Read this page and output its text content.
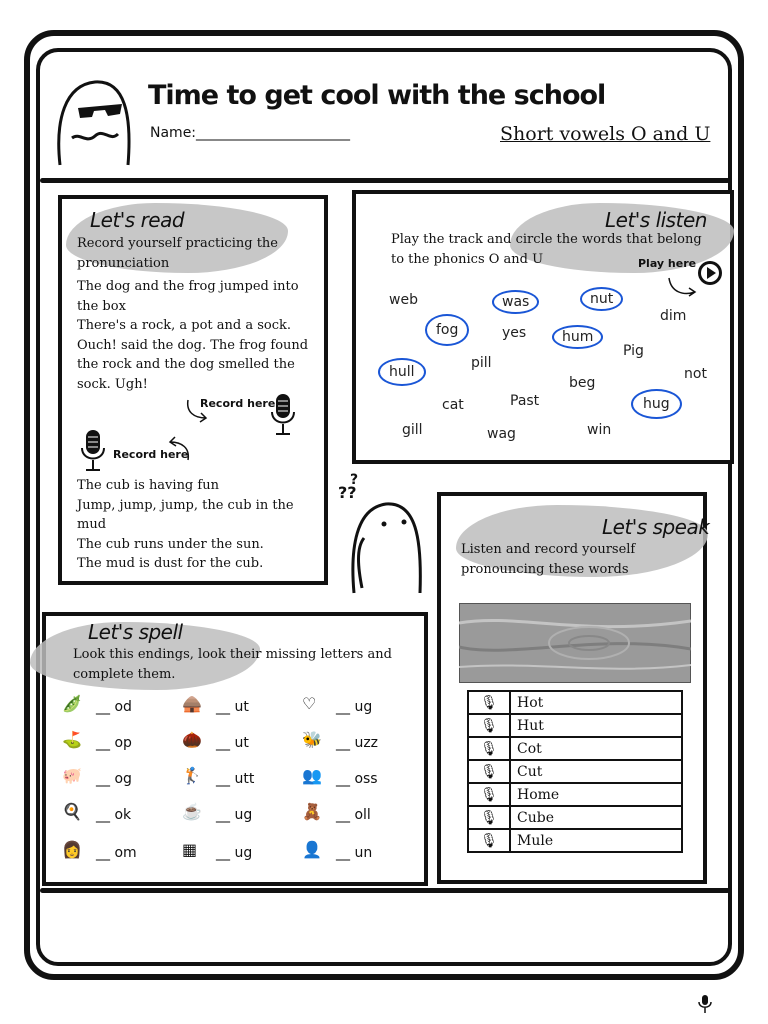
Time to get cool with the school
Name:______________________	Short vowels O and U
Let's read
Record yourself practicing the pronunciation
The dog and the frog jumped into the box
There's a rock, a pot and a sock.
Ouch! said the dog. The frog found the rock and the dog smelled the sock. Ugh!
Record here
Record here
The cub is having fun
Jump, jump, jump, the cub in the mud
The cub runs under the sun.
The mud is dust for the cub.
Let's listen
Play the track and circle the words that belong to the phonics O and U	Play here
web	was	nut
fog	yes	hum
dim
Pig
pill
hull	not
beg
cat	Past	hug
gill	wag	win
??
?
Let's speak
Listen and record yourself pronouncing these words
🎙	Hot
🎙	Hut
🎙	Cot
🎙	Cut
🎙	Home
🎙	Cube
🎙	Mule
Let's spell
Look this endings, look their missing letters and complete them.
🫛	__ od	🛖	__ ut	♡	__ ug
⛳	__ op	🌰	__ ut	🐝	__ uzz
🐖	__ og	🏌	__ utt	👥	__ oss
🍳	__ ok	☕	__ ug	🧸	__ oll
👩	__ om	▦	__ ug	👤	__ un
